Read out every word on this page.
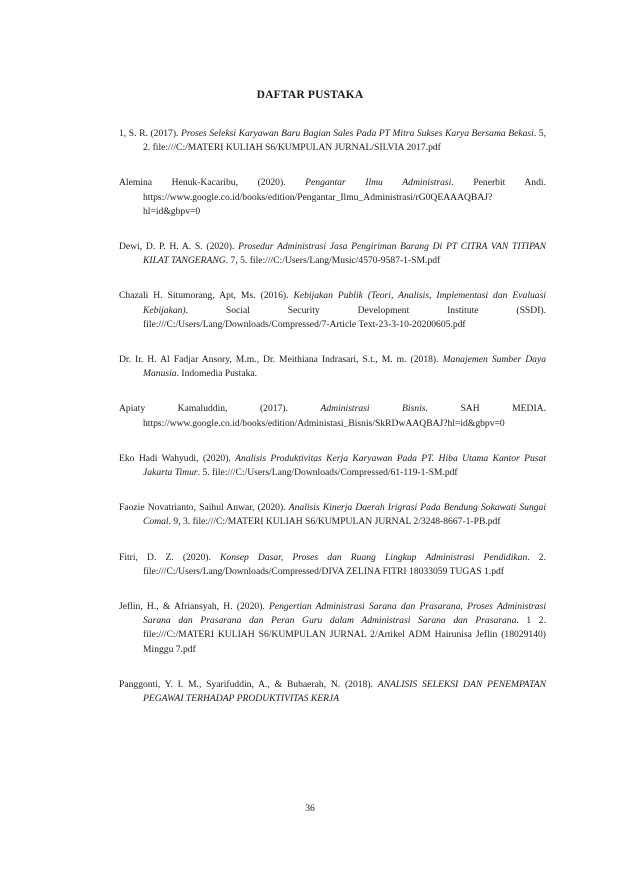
DAFTAR PUSTAKA

1, S. R. (2017). Proses Seleksi Karyawan Baru Bagian Sales Pada PT Mitra Sukses Karya Bersama Bekasi. 5, 2. file:///C:/MATERI KULIAH S6/KUMPULAN JURNAL/SILVIA 2017.pdf

Alemina Henuk-Kacaribu, (2020). Pengantar Ilmu Administrasi. Penerbit Andi. https://www.google.co.id/books/edition/Pengantar_Ilmu_Administrasi/rG0QEAAAQBAJ?hl=id&gbpv=0

Dewi, D. P. H. A. S. (2020). Prosedur Administrasi Jasa Pengiriman Barang Di PT CITRA VAN TITIPAN KILAT TANGERANG. 7, 5. file:///C:/Users/Lang/Music/4570-9587-1-SM.pdf

Chazali H. Situmorang, Apt, Ms. (2016). Kebijakan Publik (Teori, Analisis, Implementasi dan Evaluasi Kebijakan). Social Security Development Institute (SSDI). file:///C:/Users/Lang/Downloads/Compressed/7-Article Text-23-3-10-20200605.pdf

Dr. Ir. H. Al Fadjar Ansory, M.m., Dr. Meithiana Indrasari, S.t., M. m. (2018). Manajemen Sumber Daya Manusia. Indomedia Pustaka.

Apiaty Kamaluddin, (2017). Administrasi Bisnis. SAH MEDIA. https://www.google.co.id/books/edition/Administasi_Bisnis/SkRDwAAQBAJ?hl=id&gbpv=0

Eko Hadi Wahyudi, (2020). Analisis Produktivitas Kerja Karyawan Pada PT. Hiba Utama Kantor Pusat Jakarta Timur. 5. file:///C:/Users/Lang/Downloads/Compressed/61-119-1-SM.pdf

Faozie Novatrianto, Saihul Anwar, (2020). Analisis Kinerja Daerah Irigrasi Pada Bendung Sokawati Sungai Comal. 9, 3. file:///C:/MATERI KULIAH S6/KUMPULAN JURNAL 2/3248-8667-1-PB.pdf

Fitri, D. Z. (2020). Konsep Dasar, Proses dan Ruang Lingkup Administrasi Pendidikan. 2. file:///C:/Users/Lang/Downloads/Compressed/DIVA ZELINA FITRI 18033059 TUGAS 1.pdf

Jeflin, H., & Afriansyah, H. (2020). Pengertian Administrasi Sarana dan Prasarana, Proses Administrasi Sarana dan Prasarana dan Peran Guru dalam Administrasi Sarana dan Prasarana. 1 2. file:///C:/MATERI KULIAH S6/KUMPULAN JURNAL 2/Artikel ADM Hairunisa Jeflin (18029140) Minggu 7.pdf

Panggonti, Y. I. M., Syarifuddin, A., & Bubaerah, N. (2018). ANALISIS SELEKSI DAN PENEMPATAN PEGAWAI TERHADAP PRODUKTIVITAS KERJA

36
